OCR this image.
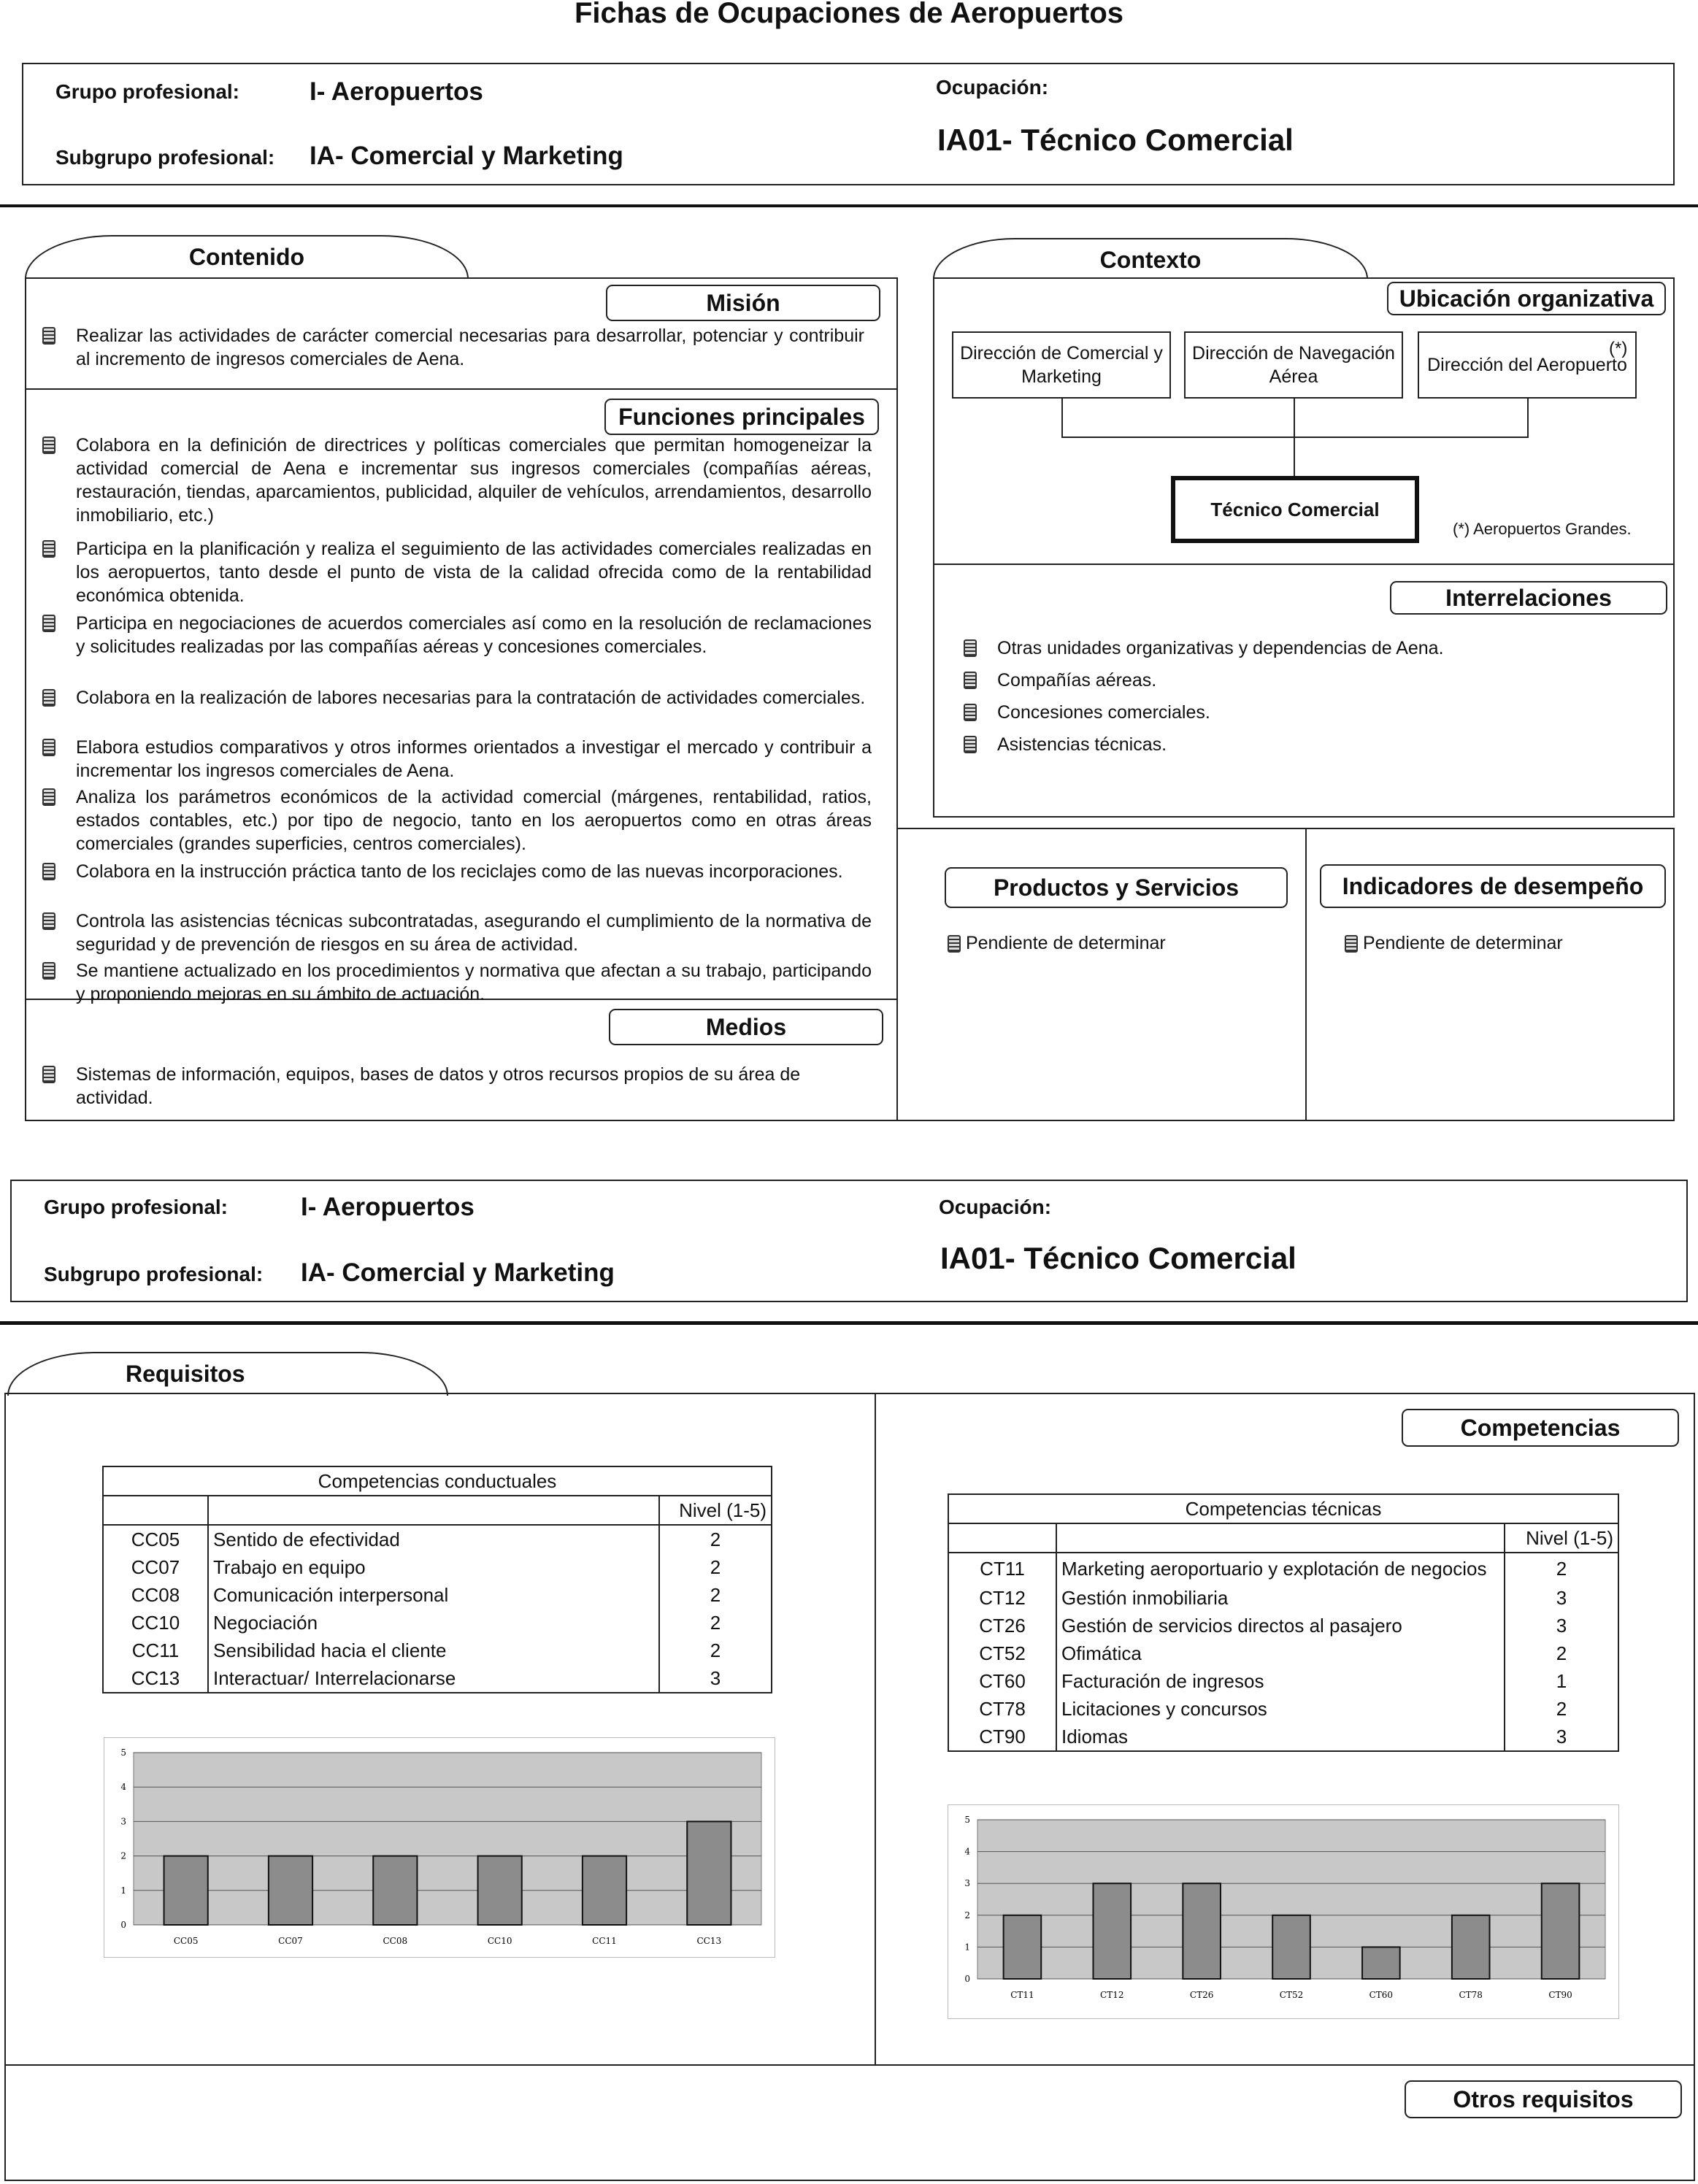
Fichas de Ocupaciones de Aeropuertos
Grupo profesional:	I- Aeropuertos
Subgrupo profesional: IA- Comercial y Marketing
Ocupación:
IA01- Técnico Comercial
Contenido
Misión
Realizar las actividades de carácter comercial necesarias para desarrollar, potenciar y contribuir al incremento de ingresos comerciales de Aena.
Funciones principales
Colabora en la definición de directrices y políticas comerciales que permitan homogeneizar la actividad comercial de Aena e incrementar sus ingresos comerciales (compañías aéreas, restauración, tiendas, aparcamientos, publicidad, alquiler de vehículos, arrendamientos, desarrollo inmobiliario, etc.)
Participa en la planificación y realiza el seguimiento de las actividades comerciales realizadas en los aeropuertos, tanto desde el punto de vista de la calidad ofrecida como de la rentabilidad económica obtenida.
Participa en negociaciones de acuerdos comerciales así como en la resolución de reclamaciones y solicitudes realizadas por las compañías aéreas y concesiones comerciales.
Colabora en la realización de labores necesarias para la contratación de actividades comerciales.
Elabora estudios comparativos y otros informes orientados a investigar el mercado y contribuir a incrementar los ingresos comerciales de Aena.
Analiza los parámetros económicos de la actividad comercial (márgenes, rentabilidad, ratios, estados contables, etc.) por tipo de negocio, tanto en los aeropuertos como en otras áreas comerciales (grandes superficies, centros comerciales).
Colabora en la instrucción práctica tanto de los reciclajes como de las nuevas incorporaciones.
Controla las asistencias técnicas subcontratadas, asegurando el cumplimiento de la normativa de seguridad y de prevención de riesgos en su área de actividad.
Se mantiene actualizado en los procedimientos y normativa que afectan a su trabajo, participando y proponiendo mejoras en su ámbito de actuación.
Medios
Sistemas de información, equipos, bases de datos y otros recursos propios de su área de actividad.
Contexto
Ubicación organizativa
Dirección de Comercial y Marketing
Dirección de Navegación Aérea
Dirección del Aeropuerto
(*)
Técnico Comercial
(*) Aeropuertos Grandes.
Interrelaciones
Otras unidades organizativas y dependencias de Aena.
Compañías aéreas.
Concesiones comerciales.
Asistencias técnicas.
Productos y Servicios	Indicadores de desempeño
Pendiente de determinar	Pendiente de determinar
Grupo profesional:	I- Aeropuertos
Subgrupo profesional: IA- Comercial y Marketing
Ocupación:
IA01- Técnico Comercial
Requisitos
Competencias
Otros requisitos
Competencias conductuales		
		Nivel (1-5)
CC05	Sentido de efectividad	2
CC07	Trabajo en equipo	2
CC08	Comunicación interpersonal	2
CC10	Negociación	2
CC11	Sensibilidad hacia el cliente	2
CC13	Interactuar/ Interrelacionarse	3
Competencias técnicas		
		Nivel (1-5)
CT11	Marketing aeroportuario y explotación de negocios	2
CT12	Gestión inmobiliaria	3
CT26	Gestión de servicios directos al pasajero	3
CT52	Ofimática	2
CT60	Facturación de ingresos	1
CT78	Licitaciones y concursos	2
CT90	Idiomas	3
0
1
2
3
4
5
CC05	CC07	CC08	CC10	CC11	CC13
0
1
2
3
4
5
CT11	CT12	CT26	CT52	CT60	CT78	CT90
